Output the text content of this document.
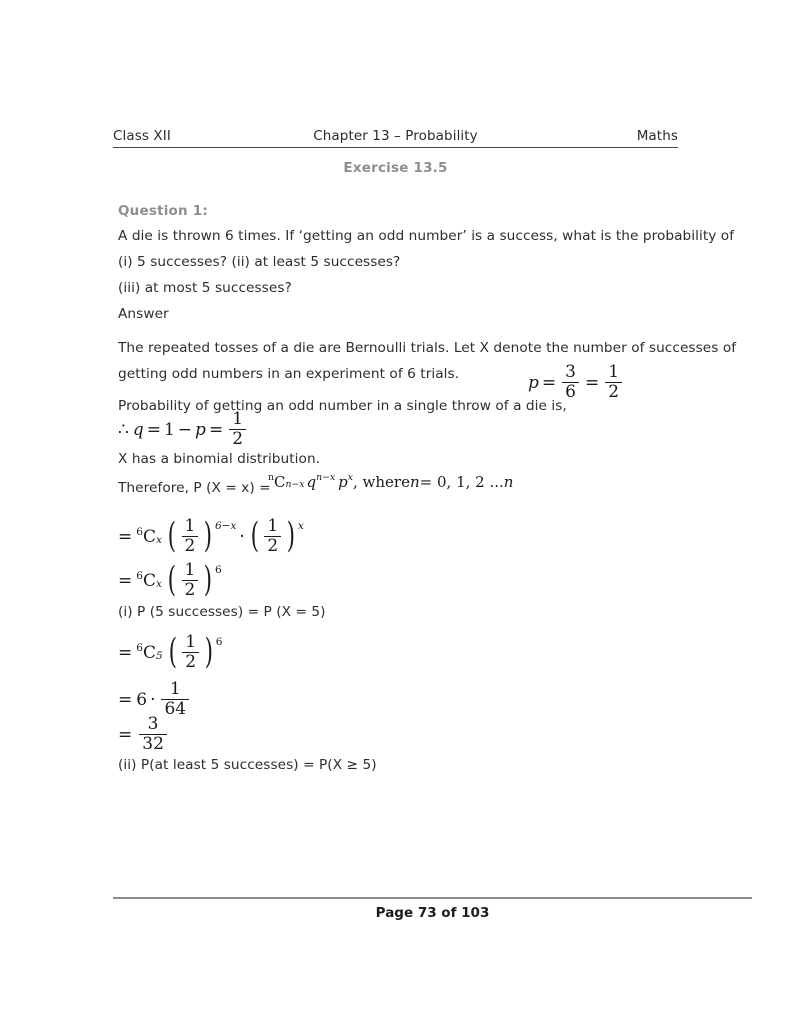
Class XII	Maths
Chapter 13 – Probability
Exercise 13.5
Question 1:
A die is thrown 6 times. If ‘getting an odd number’ is a success, what is the probability of
(i) 5 successes? (ii) at least 5 successes?
(iii) at most 5 successes?
Answer
The repeated tosses of a die are Bernoulli trials. Let X denote the number of successes of
getting odd numbers in an experiment of 6 trials.
Probability of getting an odd number in a single throw of a die is,
$p = \frac{3}{6} = \frac{1}{2}$
∴ $q = 1 - p = \frac{1}{2}$
X has a binomial distribution.
Therefore, P (X = x) =
n C n−x q n−x p x , where n = 0, 1, 2 ... n
= 6 C x ( $\frac{1}{2}$ ) 6−x
· ( $\frac{1}{2}$ ) x
= 6 C x ( $\frac{1}{2}$ ) 6
(i) P (5 successes) = P (X = 5)
= 6 C 5 ( $\frac{1}{2}$ ) 6
= $6 \cdot \frac{1}{64}$
= $\frac{3}{32}$
(ii) P(at least 5 successes) = P(X ≥ 5)
Page 73 of 103
